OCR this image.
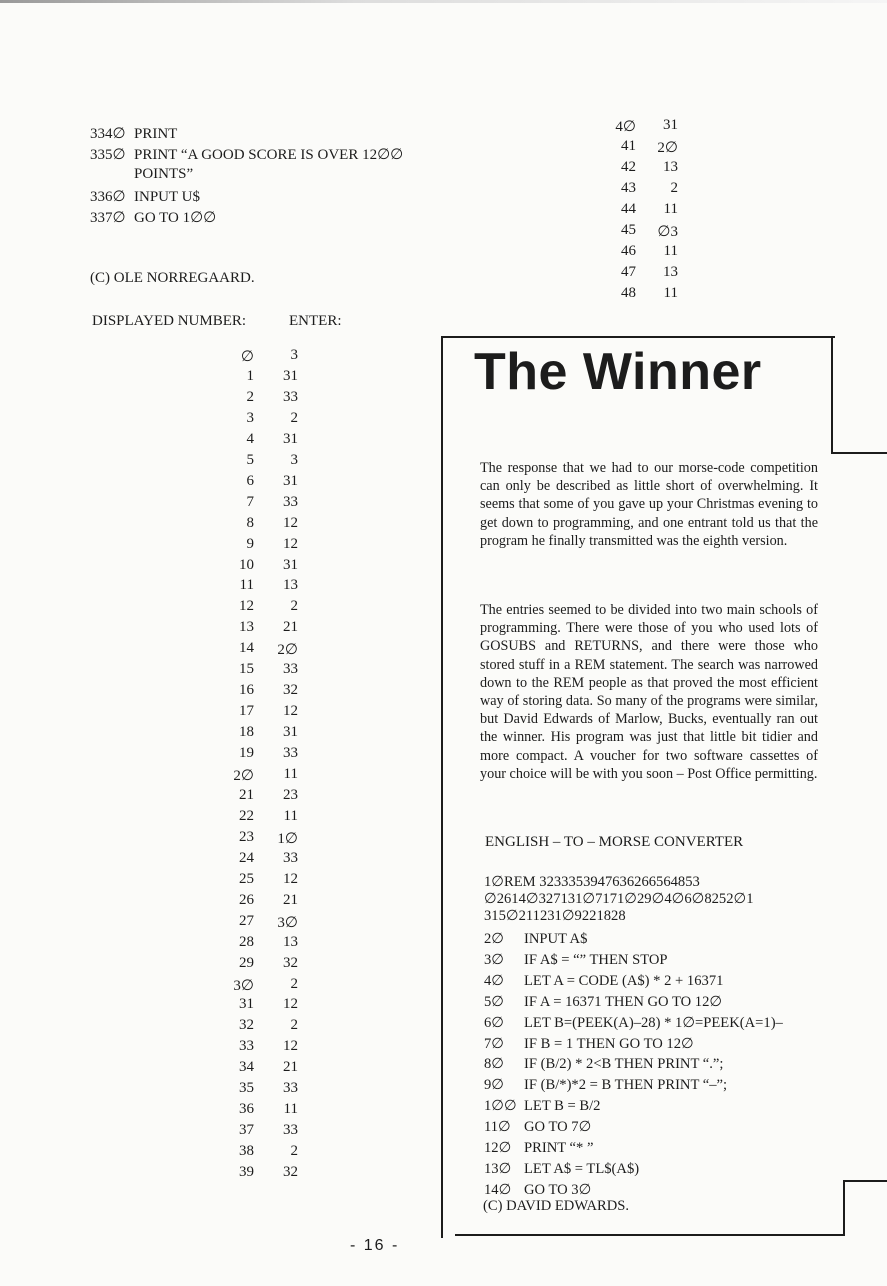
334∅ PRINT
335∅ PRINT “A GOOD SCORE IS OVER 12∅∅
POINTS”
336∅ INPUT U$
337∅ GO TO 1∅∅
(C) OLE NORREGAARD.
DISPLAYED NUMBER:	ENTER:
∅	3
1	31
2	33
3	2
4	31
5	3
6	31
7	33
8	12
9	12
10	31
11	13
12	2
13	21
14	2∅
15	33
16	32
17	12
18	31
19	33
2∅	11
21	23
22	11
23	1∅
24	33
25	12
26	21
27	3∅
28	13
29	32
3∅	2
31	12
32	2
33	12
34	21
35	33
36	11
37	33
38	2
39	32
4∅	31
41	2∅
42	13
43	2
44	11
45	∅3
46	11
47	13
48	11
The Winner
The response that we had to our morse-code competition can only be described as little short of overwhelming. It seems that some of you gave up your Christmas evening to get down to programming, and one entrant told us that the program he finally transmitted was the eighth version.
The entries seemed to be divided into two main schools of programming. There were those of you who used lots of GOSUBS and RETURNS, and there were those who stored stuff in a REM statement. The search was narrowed down to the REM people as that proved the most efficient way of storing data. So many of the programs were similar, but David Edwards of Marlow, Bucks, eventually ran out the winner. His program was just that little bit tidier and more compact. A voucher for two software cassettes of your choice will be with you soon – Post Office permitting.
ENGLISH – TO – MORSE CONVERTER
1∅REM 3233353947636266564853
∅2614∅327131∅7171∅29∅4∅6∅8252∅1
315∅211231∅9221828
2∅ INPUT A$
3∅ IF A$ = “” THEN STOP
4∅ LET A = CODE (A$) * 2 + 16371
5∅ IF A = 16371 THEN GO TO 12∅
6∅ LET B=(PEEK(A)–28) * 1∅=PEEK(A=1)–
7∅ IF B = 1 THEN GO TO 12∅
8∅ IF (B/2) * 2<B THEN PRINT “.”;
9∅ IF (B/*)*2 = B THEN PRINT “–”;
1∅∅ LET B = B/2
11∅ GO TO 7∅
12∅ PRINT “* ”
13∅ LET A$ = TL$(A$)
14∅ GO TO 3∅
(C) DAVID EDWARDS.
- 16 -
